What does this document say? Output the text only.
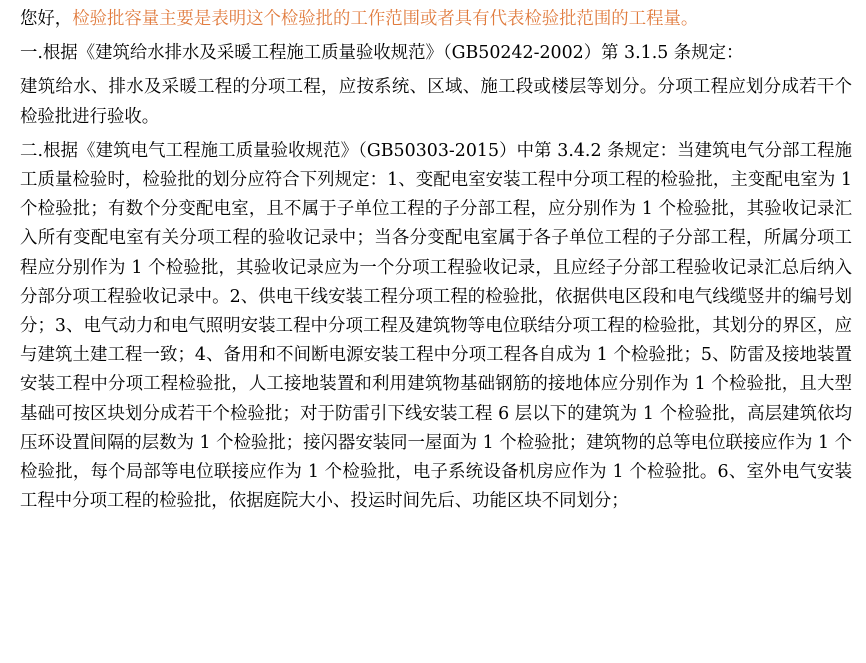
您好，检验批容量主要是表明这个检验批的工作范围或者具有代表检验批范围的工程量。

一.根据《建筑给水排水及采暖工程施工质量验收规范》（GB50242-2002）第 3.1.5 条规定：

建筑给水、排水及采暖工程的分项工程，应按系统、区域、施工段或楼层等划分。分项工程应划分成若干个检验批进行验收。

二.根据《建筑电气工程施工质量验收规范》（GB50303-2015）中第 3.4.2 条规定：当建筑电气分部工程施工质量检验时，检验批的划分应符合下列规定：1、变配电室安装工程中分项工程的检验批，主变配电室为 1 个检验批；有数个分变配电室，且不属于子单位工程的子分部工程，应分别作为 1 个检验批，其验收记录汇入所有变配电室有关分项工程的验收记录中；当各分变配电室属于各子单位工程的子分部工程，所属分项工程应分别作为 1 个检验批，其验收记录应为一个分项工程验收记录，且应经子分部工程验收记录汇总后纳入分部分项工程验收记录中。2、供电干线安装工程分项工程的检验批，依据供电区段和电气线缆竖井的编号划分；3、电气动力和电气照明安装工程中分项工程及建筑物等电位联结分项工程的检验批，其划分的界区，应与建筑土建工程一致；4、备用和不间断电源安装工程中分项工程各自成为 1 个检验批；5、防雷及接地装置安装工程中分项工程检验批，人工接地装置和利用建筑物基础钢筋的接地体应分别作为 1 个检验批，且大型基础可按区块划分成若干个检验批；对于防雷引下线安装工程 6 层以下的建筑为 1 个检验批，高层建筑依均压环设置间隔的层数为 1 个检验批；接闪器安装同一屋面为 1 个检验批；建筑物的总等电位联接应作为 1 个检验批，每个局部等电位联接应作为 1 个检验批，电子系统设备机房应作为 1 个检验批。6、室外电气安装工程中分项工程的检验批，依据庭院大小、投运时间先后、功能区块不同划分；
